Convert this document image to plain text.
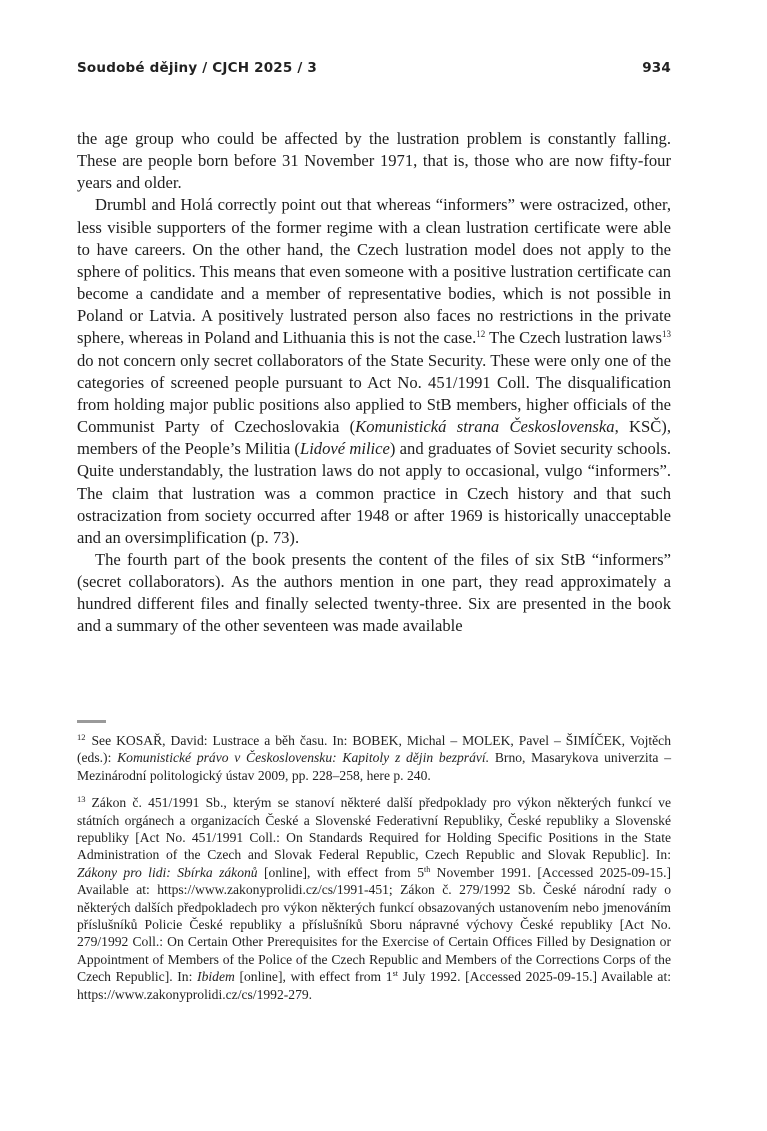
Soudobé dějiny / CJCH 2025 / 3	934

the age group who could be affected by the lustration problem is constantly falling. These are people born before 31 November 1971, that is, those who are now fifty-four years and older.

Drumbl and Holá correctly point out that whereas “informers” were ostracized, other, less visible supporters of the former regime with a clean lustration certificate were able to have careers. On the other hand, the Czech lustration model does not apply to the sphere of politics. This means that even someone with a positive lustration certificate can become a candidate and a member of representative bodies, which is not possible in Poland or Latvia. A positively lustrated person also faces no restrictions in the private sphere, whereas in Poland and Lithuania this is not the case.$^{12}$ The Czech lustration laws$^{13}$ do not concern only secret collaborators of the State Security. These were only one of the categories of screened people pursuant to Act No. 451/1991 Coll. The disqualification from holding major public positions also applied to StB members, higher officials of the Communist Party of Czechoslovakia (Komunistická strana Československa, KSČ), members of the People’s Militia (Lidové milice) and graduates of Soviet security schools. Quite understandably, the lustration laws do not apply to occasional, vulgo “informers”. The claim that lustration was a common practice in Czech history and that such ostracization from society occurred after 1948 or after 1969 is historically unacceptable and an oversimplification (p. 73).

The fourth part of the book presents the content of the files of six StB “informers” (secret collaborators). As the authors mention in one part, they read approximately a hundred different files and finally selected twenty-three. Six are presented in the book and a summary of the other seventeen was made available

$^{12}$ See KOSAŘ, David: Lustrace a běh času. In: BOBEK, Michal – MOLEK, Pavel – ŠIMÍČEK, Vojtěch (eds.): Komunistické právo v Československu: Kapitoly z dějin bezpráví. Brno, Masarykova univerzita – Mezinárodní politologický ústav 2009, pp. 228–258, here p. 240.

$^{13}$ Zákon č. 451/1991 Sb., kterým se stanoví některé další předpoklady pro výkon některých funkcí ve státních orgánech a organizacích České a Slovenské Federativní Republiky, České republiky a Slovenské republiky [Act No. 451/1991 Coll.: On Standards Required for Holding Specific Positions in the State Administration of the Czech and Slovak Federal Republic, Czech Republic and Slovak Republic]. In: Zákony pro lidi: Sbírka zákonů [online], with effect from 5th November 1991. [Accessed 2025-09-15.] Available at: https://www.zakonyprolidi.cz/cs/1991-451; Zákon č. 279/1992 Sb. České národní rady o některých dalších předpokladech pro výkon některých funkcí obsazovaných ustanovením nebo jmenováním příslušníků Policie České republiky a příslušníků Sboru nápravné výchovy České republiky [Act No. 279/1992 Coll.: On Certain Other Prerequisites for the Exercise of Certain Offices Filled by Designation or Appointment of Members of the Police of the Czech Republic and Members of the Corrections Corps of the Czech Republic]. In: Ibidem [online], with effect from 1st July 1992. [Accessed 2025-09-15.] Available at: https://www.zakonyprolidi.cz/cs/1992-279.
